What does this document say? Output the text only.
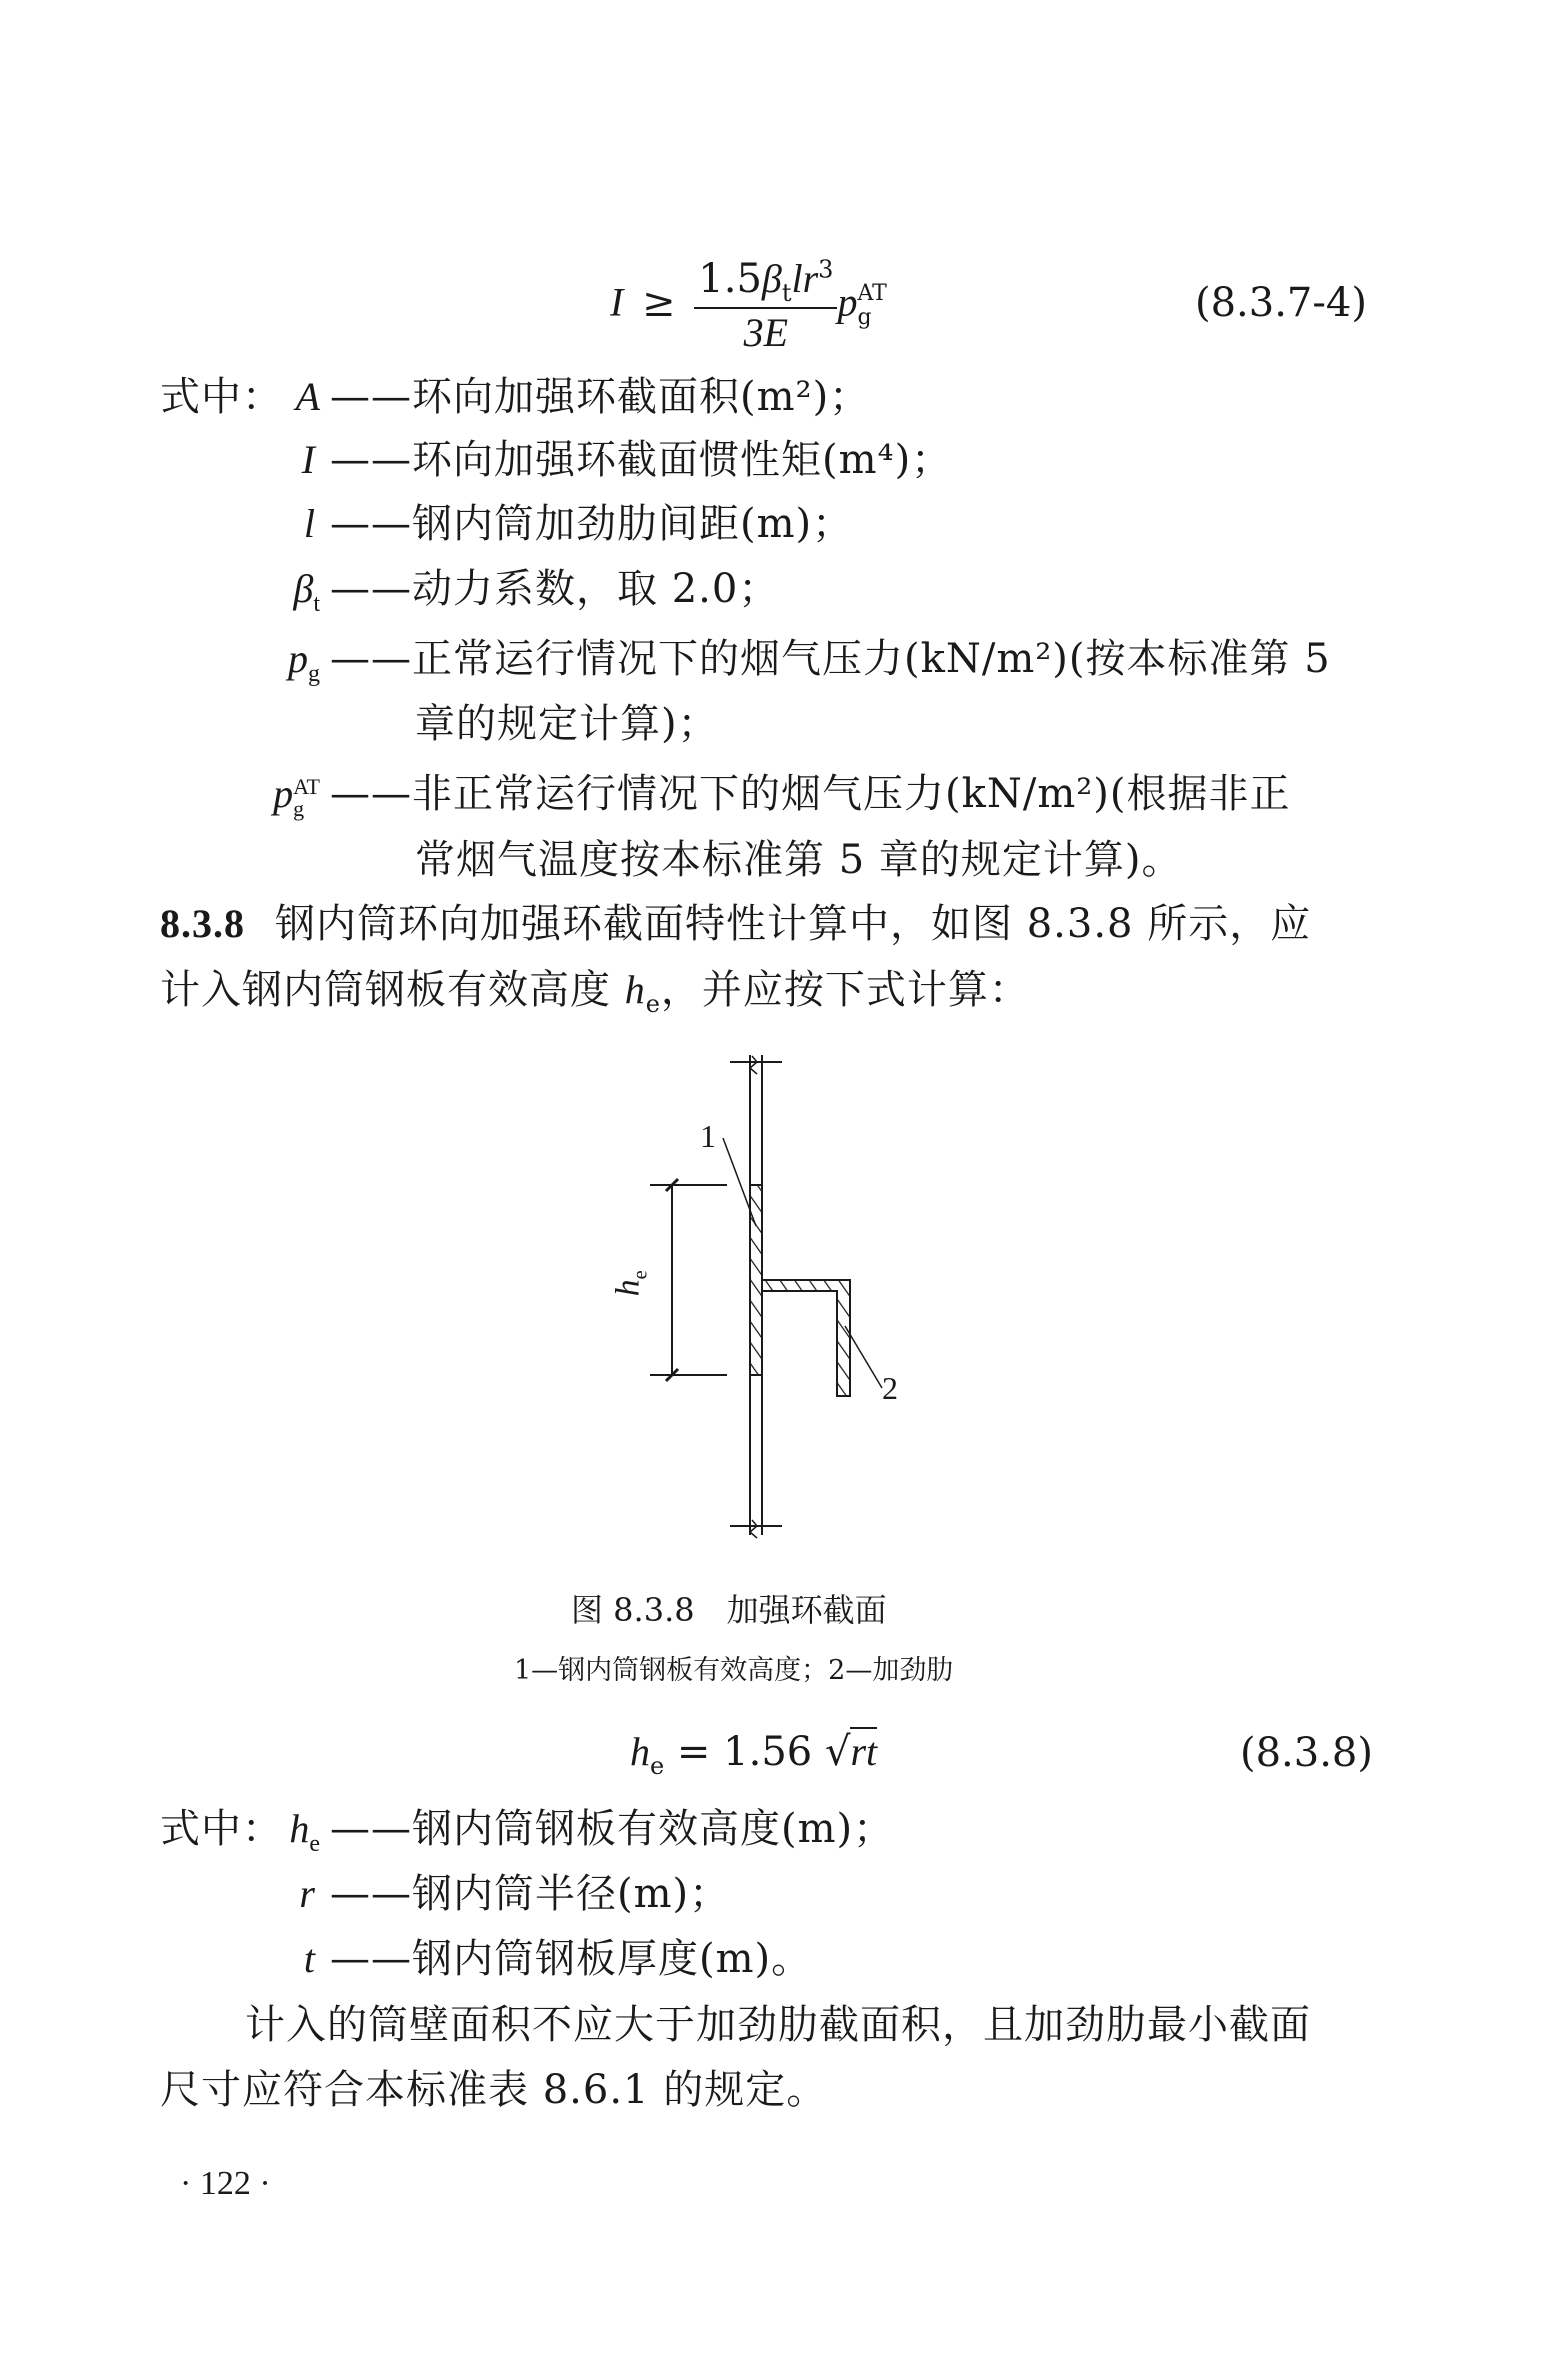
$I \ge \frac{1.5\beta_tlr^3}{3E}$ p AT
g	(8.3.7-4)
式中： A ——环向加强环截面积(m²)；
I ——环向加强环截面惯性矩(m⁴)；
l ——钢内筒加劲肋间距(m)；
$\beta_t$ ——动力系数，取 2.0；
$p_g$ ——正常运行情况下的烟气压力(kN/m²)(按本标准第 5
章的规定计算)；
p AT
g ——非正常运行情况下的烟气压力(kN/m²)(根据非正
常烟气温度按本标准第 5 章的规定计算)。
8.3.8 钢内筒环向加强环截面特性计算中，如图 8.3.8 所示，应
计入钢内筒钢板有效高度 $h_e$，并应按下式计算：
1
2
$h_e$
图 8.3.8　加强环截面
1—钢内筒钢板有效高度；2—加劲肋
$h_e = 1.56$ √rt	(8.3.8)
式中： $h_e$ ——钢内筒钢板有效高度(m)；
r ——钢内筒半径(m)；
t ——钢内筒钢板厚度(m)。
计入的筒壁面积不应大于加劲肋截面积，且加劲肋最小截面
尺寸应符合本标准表 8.6.1 的规定。
· 122 ·
